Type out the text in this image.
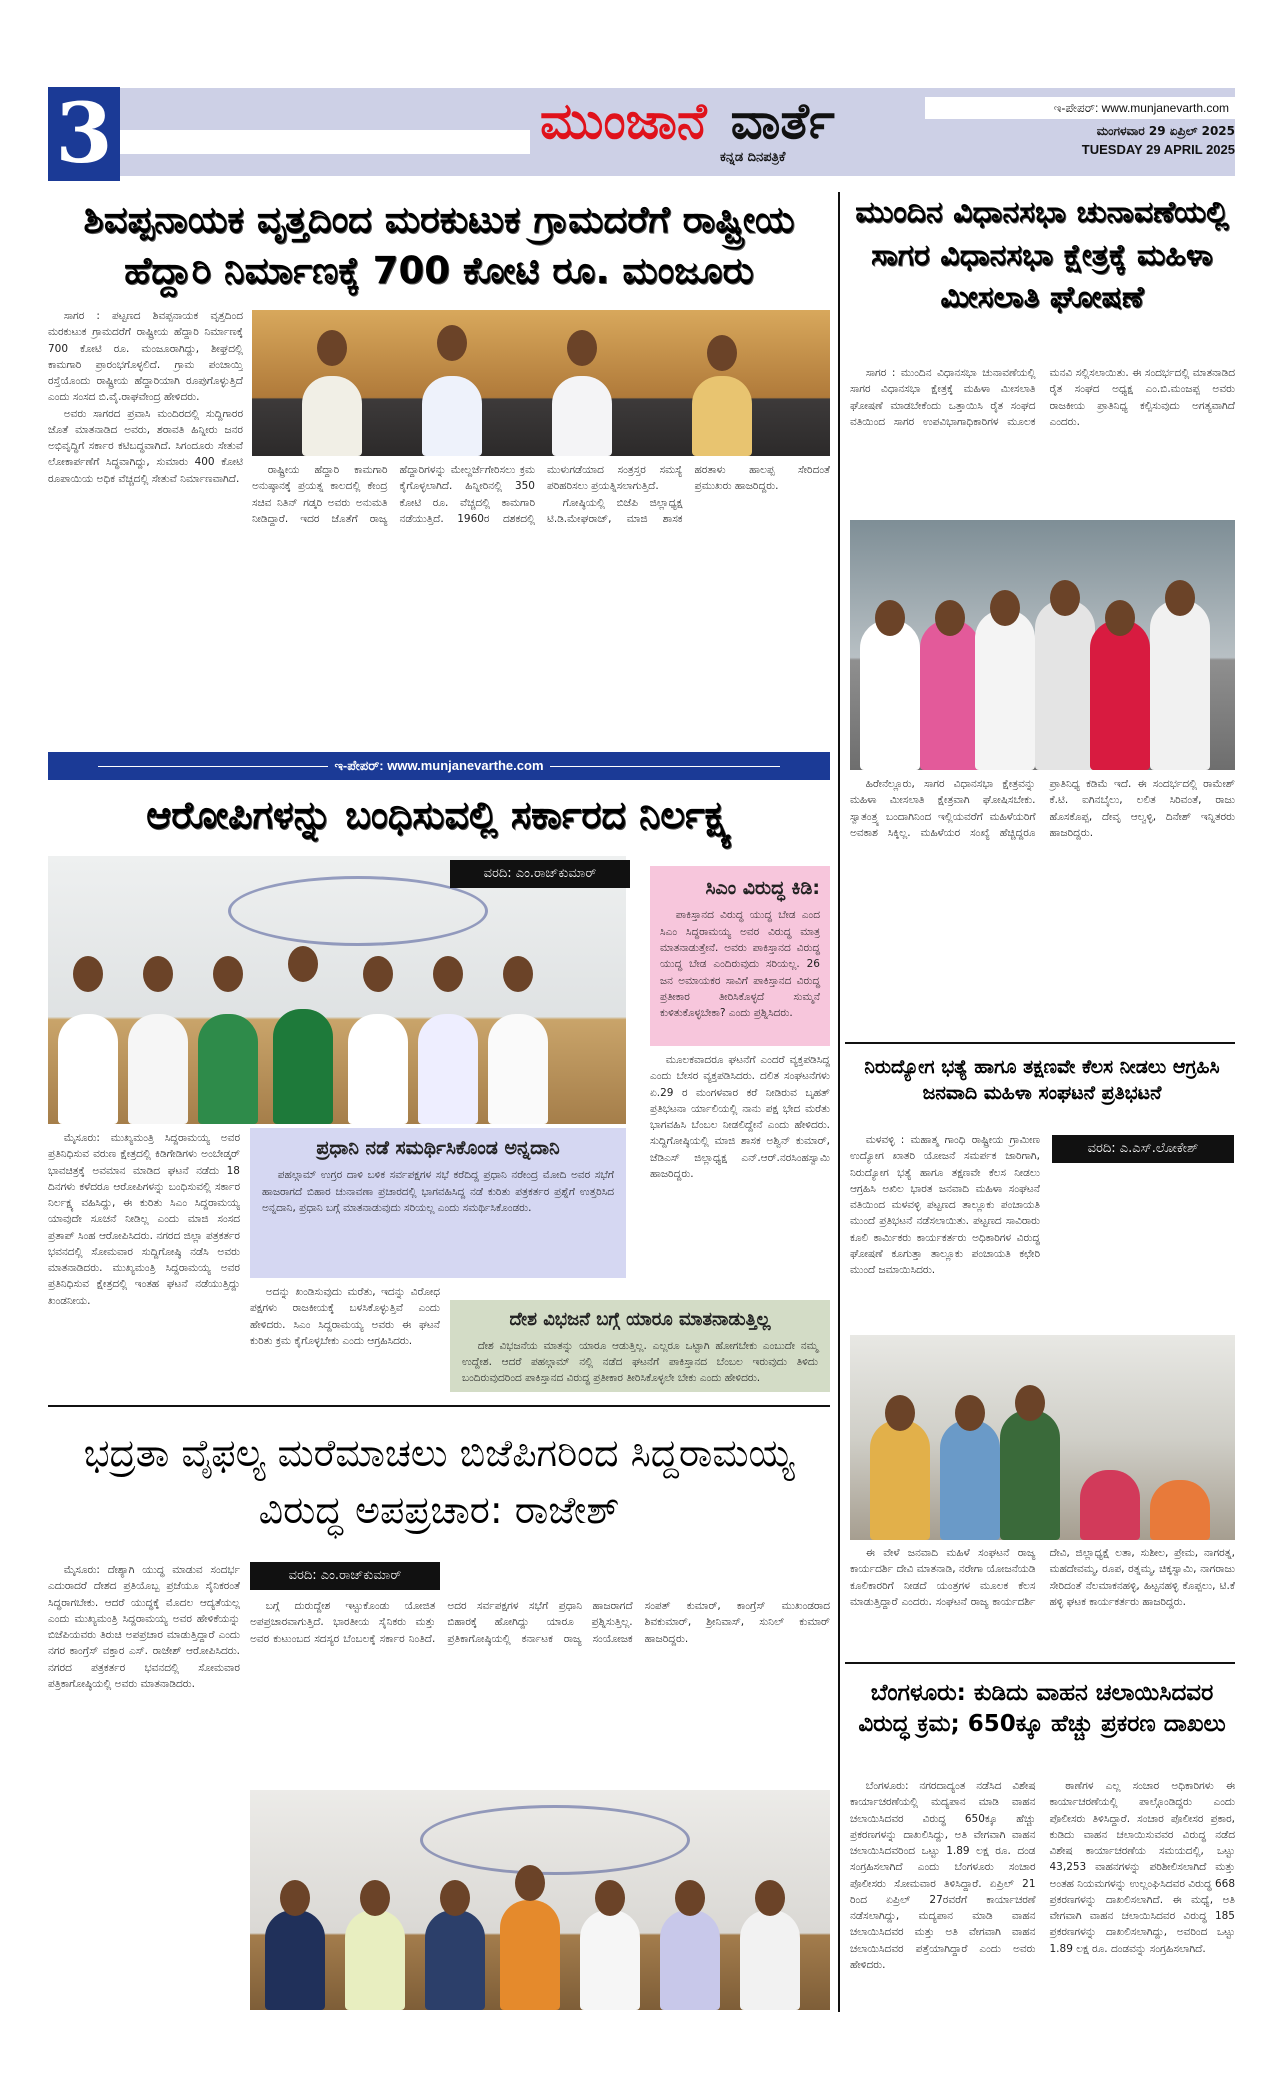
3	ಮುಂಜಾನೆ ವಾರ್ತೆ
ಕನ್ನಡ ದಿನಪತ್ರಿಕೆ
ಇ-ಪೇಪರ್: www.munjanevarth.com
ಮಂಗಳವಾರ 29 ಏಪ್ರಿಲ್ 2025
TUESDAY 29 APRIL 2025
ಶಿವಪ್ಪನಾಯಕ ವೃತ್ತದಿಂದ ಮರಕುಟುಕ ಗ್ರಾಮದರೆಗೆ ರಾಷ್ಟ್ರೀಯ ಹೆದ್ದಾರಿ ನಿರ್ಮಾಣಕ್ಕೆ 700 ಕೋಟಿ ರೂ. ಮಂಜೂರು

ಸಾಗರ : ಪಟ್ಟಣದ ಶಿವಪ್ಪನಾಯಕ ವೃತ್ತದಿಂದ ಮರಕುಟುಕ ಗ್ರಾಮದರೆಗೆ ರಾಷ್ಟ್ರೀಯ ಹೆದ್ದಾರಿ ನಿರ್ಮಾಣಕ್ಕೆ 700 ಕೋಟಿ ರೂ. ಮಂಜೂರಾಗಿದ್ದು, ಶೀಘ್ರದಲ್ಲಿ ಕಾಮಗಾರಿ ಪ್ರಾರಂಭಗೊಳ್ಳಲಿದೆ. ಗ್ರಾಮ ಪಂಚಾಯ್ತಿ ರಸ್ತೆಯೊಂದು ರಾಷ್ಟ್ರೀಯ ಹೆದ್ದಾರಿಯಾಗಿ ರೂಪುಗೊಳ್ಳುತ್ತಿದೆ ಎಂದು ಸಂಸದ ಬಿ.ವೈ.ರಾಘವೇಂದ್ರ ಹೇಳಿದರು.

ಅವರು ಸಾಗರದ ಪ್ರವಾಸಿ ಮಂದಿರದಲ್ಲಿ ಸುದ್ದಿಗಾರರ ಜೊತೆ ಮಾತನಾಡಿದ ಅವರು, ಶರಾವತಿ ಹಿನ್ನೀರು ಜನರ ಅಭಿವೃದ್ಧಿಗೆ ಸರ್ಕಾರ ಕಟಿಬದ್ಧವಾಗಿದೆ. ಸಿಗಂದೂರು ಸೇತುವೆ ಲೋಕಾರ್ಪಣೆಗೆ ಸಿದ್ಧವಾಗಿದ್ದು, ಸುಮಾರು 400 ಕೋಟಿ ರೂಪಾಯಿಯ ಅಧಿಕ ವೆಚ್ಚದಲ್ಲಿ ಸೇತುವೆ ನಿರ್ಮಾಣವಾಗಿದೆ.

ರಾಷ್ಟ್ರೀಯ ಹೆದ್ದಾರಿ ಕಾಮಗಾರಿ ಅನುಷ್ಠಾನಕ್ಕೆ ಪ್ರಯತ್ನ ಕಾಲದಲ್ಲಿ ಕೇಂದ್ರ ಸಚಿವ ನಿತಿನ್ ಗಡ್ಕರಿ ಅವರು ಅನುಮತಿ ನೀಡಿದ್ದಾರೆ. ಇದರ ಜೊತೆಗೆ ರಾಜ್ಯ ಹೆದ್ದಾರಿಗಳನ್ನು ಮೇಲ್ದರ್ಜೆಗೇರಿಸಲು ಕ್ರಮ ಕೈಗೊಳ್ಳಲಾಗಿದೆ. ಹಿನ್ನೀರಿನಲ್ಲಿ 350 ಕೋಟಿ ರೂ. ವೆಚ್ಚದಲ್ಲಿ ಕಾಮಗಾರಿ ನಡೆಯುತ್ತಿದೆ. 1960ರ ದಶಕದಲ್ಲಿ ಮುಳುಗಡೆಯಾದ ಸಂತ್ರಸ್ತರ ಸಮಸ್ಯೆ ಪರಿಹರಿಸಲು ಪ್ರಯತ್ನಿಸಲಾಗುತ್ತಿದೆ.

ಗೋಷ್ಠಿಯಲ್ಲಿ ಬಿಜೆಪಿ ಜಿಲ್ಲಾಧ್ಯಕ್ಷ ಟಿ.ಡಿ.ಮೇಘರಾಜ್, ಮಾಜಿ ಶಾಸಕ ಹರತಾಳು ಹಾಲಪ್ಪ ಸೇರಿದಂತೆ ಪ್ರಮುಖರು ಹಾಜರಿದ್ದರು.

ಇ-ಪೇಪರ್: www.munjanevarthe.com
ಆರೋಪಿಗಳನ್ನು ಬಂಧಿಸುವಲ್ಲಿ ಸರ್ಕಾರದ ನಿರ್ಲಕ್ಷ್ಯ
ವರದಿ: ಎಂ.ರಾಜ್‌ಕುಮಾರ್
ಸಿಎಂ ವಿರುದ್ಧ ಕಿಡಿ:

ಪಾಕಿಸ್ತಾನದ ವಿರುದ್ಧ ಯುದ್ಧ ಬೇಡ ಎಂದ ಸಿಎಂ ಸಿದ್ಧರಾಮಯ್ಯ ಅವರ ವಿರುದ್ಧ ಮಾತ್ರ ಮಾತನಾಡುತ್ತೇನೆ. ಅವರು ಪಾಕಿಸ್ತಾನದ ವಿರುದ್ಧ ಯುದ್ಧ ಬೇಡ ಎಂದಿರುವುದು ಸರಿಯಲ್ಲ. 26 ಜನ ಅಮಾಯಕರ ಸಾವಿಗೆ ಪಾಕಿಸ್ತಾನದ ವಿರುದ್ಧ ಪ್ರತೀಕಾರ ತೀರಿಸಿಕೊಳ್ಳದೆ ಸುಮ್ಮನೆ ಕುಳಿತುಕೊಳ್ಳಬೇಕಾ? ಎಂದು ಪ್ರಶ್ನಿಸಿದರು.

ಮೂಲಕವಾದರೂ ಘಟನೆಗೆ ಎಂದರೆ ವ್ಯಕ್ತಪಡಿಸಿದ್ದ ಎಂದು ಬೇಸರ ವ್ಯಕ್ತಪಡಿಸಿದರು. ದಲಿತ ಸಂಘಟನೆಗಳು ಏ.29 ರ ಮಂಗಳವಾರ ಕರೆ ನೀಡಿರುವ ಬೃಹತ್ ಪ್ರತಿಭಟನಾ ರ್ಯಾಲಿಯಲ್ಲಿ ನಾನು ಪಕ್ಷ ಭೇದ ಮರೆತು ಭಾಗವಹಿಸಿ ಬೆಂಬಲ ನೀಡಲಿದ್ದೇನೆ ಎಂದು ಹೇಳಿದರು. ಸುದ್ದಿಗೋಷ್ಠಿಯಲ್ಲಿ ಮಾಜಿ ಶಾಸಕ ಅಶ್ವಿನ್ ಕುಮಾರ್, ಜೆಡಿಎಸ್ ಜಿಲ್ಲಾಧ್ಯಕ್ಷ ಎನ್.ಆರ್.ನರಸಿಂಹಸ್ವಾಮಿ ಹಾಜರಿದ್ದರು.

ಮೈಸೂರು: ಮುಖ್ಯಮಂತ್ರಿ ಸಿದ್ದರಾಮಯ್ಯ ಅವರ ಪ್ರತಿನಿಧಿಸುವ ವರುಣ ಕ್ಷೇತ್ರದಲ್ಲಿ ಕಿಡಿಗೇಡಿಗಳು ಅಂಬೇಡ್ಕರ್ ಭಾವಚಿತ್ರಕ್ಕೆ ಅವಮಾನ ಮಾಡಿದ ಘಟನೆ ನಡೆದು 18 ದಿನಗಳು ಕಳೆದರೂ ಆರೋಪಿಗಳನ್ನು ಬಂಧಿಸುವಲ್ಲಿ ಸರ್ಕಾರ ನಿರ್ಲಕ್ಷ್ಯ ವಹಿಸಿದ್ದು, ಈ ಕುರಿತು ಸಿಎಂ ಸಿದ್ದರಾಮಯ್ಯ ಯಾವುದೇ ಸೂಚನೆ ನೀಡಿಲ್ಲ ಎಂದು ಮಾಜಿ ಸಂಸದ ಪ್ರತಾಪ್ ಸಿಂಹ ಆರೋಪಿಸಿದರು. ನಗರದ ಜಿಲ್ಲಾ ಪತ್ರಕರ್ತರ ಭವನದಲ್ಲಿ ಸೋಮವಾರ ಸುದ್ದಿಗೋಷ್ಠಿ ನಡೆಸಿ ಅವರು ಮಾತನಾಡಿದರು. ಮುಖ್ಯಮಂತ್ರಿ ಸಿದ್ದರಾಮಯ್ಯ ಅವರ ಪ್ರತಿನಿಧಿಸುವ ಕ್ಷೇತ್ರದಲ್ಲಿ ಇಂತಹ ಘಟನೆ ನಡೆಯುತ್ತಿದ್ದು ಖಂಡನೀಯ.

ಪ್ರಧಾನಿ ನಡೆ ಸಮರ್ಥಿಸಿಕೊಂಡ ಅನ್ನದಾನಿ

ಪಹಲ್ಗಾಮ್ ಉಗ್ರರ ದಾಳಿ ಬಳಿಕ ಸರ್ವಪಕ್ಷಗಳ ಸಭೆ ಕರೆದಿದ್ದ ಪ್ರಧಾನಿ ನರೇಂದ್ರ ಮೋದಿ ಅವರ ಸಭೆಗೆ ಹಾಜರಾಗದೆ ಬಿಹಾರ ಚುನಾವಣಾ ಪ್ರಚಾರದಲ್ಲಿ ಭಾಗವಹಿಸಿದ್ದ ನಡೆ ಕುರಿತು ಪತ್ರಕರ್ತರ ಪ್ರಶ್ನೆಗೆ ಉತ್ತರಿಸಿದ ಅನ್ನದಾನಿ, ಪ್ರಧಾನಿ ಬಗ್ಗೆ ಮಾತನಾಡುವುದು ಸರಿಯಲ್ಲ ಎಂದು ಸಮರ್ಥಿಸಿಕೊಂಡರು.

ಅದನ್ನು ಖಂಡಿಸುವುದು ಮರೆತು, ಇದನ್ನು ವಿರೋಧ ಪಕ್ಷಗಳು ರಾಜಕೀಯಕ್ಕೆ ಬಳಸಿಕೊಳ್ಳುತ್ತಿವೆ ಎಂದು ಹೇಳಿದರು. ಸಿಎಂ ಸಿದ್ದರಾಮಯ್ಯ ಅವರು ಈ ಘಟನೆ ಕುರಿತು ಕ್ರಮ ಕೈಗೊಳ್ಳಬೇಕು ಎಂದು ಆಗ್ರಹಿಸಿದರು.

ದೇಶ ವಿಭಜನೆ ಬಗ್ಗೆ ಯಾರೂ ಮಾತನಾಡುತ್ತಿಲ್ಲ

ದೇಶ ವಿಭಜನೆಯ ಮಾತನ್ನು ಯಾರೂ ಆಡುತ್ತಿಲ್ಲ. ಎಲ್ಲರೂ ಒಟ್ಟಾಗಿ ಹೋಗಬೇಕು ಎಂಬುದೇ ನಮ್ಮ ಉದ್ದೇಶ. ಆದರೆ ಪಹಲ್ಗಾಮ್ ನಲ್ಲಿ ನಡೆದ ಘಟನೆಗೆ ಪಾಕಿಸ್ತಾನದ ಬೆಂಬಲ ಇರುವುದು ತಿಳಿದು ಬಂದಿರುವುದರಿಂದ ಪಾಕಿಸ್ತಾನದ ವಿರುದ್ಧ ಪ್ರತೀಕಾರ ತೀರಿಸಿಕೊಳ್ಳಲೇ ಬೇಕು ಎಂದು ಹೇಳಿದರು.

ಭದ್ರತಾ ವೈಫಲ್ಯ ಮರೆಮಾಚಲು ಬಿಜೆಪಿಗರಿಂದ ಸಿದ್ದರಾಮಯ್ಯ ವಿರುದ್ಧ ಅಪಪ್ರಚಾರ: ರಾಜೇಶ್

ಮೈಸೂರು: ದೇಶ್ಯಾಗಿ ಯುದ್ಧ ಮಾಡುವ ಸಂದರ್ಭ ಎದುರಾದರೆ ದೇಶದ ಪ್ರತಿಯೊಬ್ಬ ಪ್ರಜೆಯೂ ಸೈನಿಕರಂತೆ ಸಿದ್ಧರಾಗಬೇಕು. ಆದರೆ ಯುದ್ಧಕ್ಕೆ ಮೊದಲ ಆದ್ಯತೆಯಲ್ಲ ಎಂದು ಮುಖ್ಯಮಂತ್ರಿ ಸಿದ್ದರಾಮಯ್ಯ ಅವರ ಹೇಳಿಕೆಯನ್ನು ಬಿಜೆಪಿಯವರು ತಿರುಚಿ ಅಪಪ್ರಚಾರ ಮಾಡುತ್ತಿದ್ದಾರೆ ಎಂದು ನಗರ ಕಾಂಗ್ರೆಸ್ ವಕ್ತಾರ ಎಸ್. ರಾಜೇಶ್ ಆರೋಪಿಸಿದರು. ನಗರದ ಪತ್ರಕರ್ತರ ಭವನದಲ್ಲಿ ಸೋಮವಾರ ಪತ್ರಿಕಾಗೋಷ್ಠಿಯಲ್ಲಿ ಅವರು ಮಾತನಾಡಿದರು.

ವರದಿ: ಎಂ.ರಾಜ್‌ಕುಮಾರ್

ಬಗ್ಗೆ ದುರುದ್ದೇಶ ಇಟ್ಟುಕೊಂಡು ಯೋಜಿತ ಅಪಪ್ರಚಾರವಾಗುತ್ತಿದೆ. ಭಾರತೀಯ ಸೈನಿಕರು ಮತ್ತು ಅವರ ಕುಟುಂಬದ ಸದಸ್ಯರ ಬೆಂಬಲಕ್ಕೆ ಸರ್ಕಾರ ನಿಂತಿದೆ. ಅದರ ಸರ್ವಪಕ್ಷಗಳ ಸಭೆಗೆ ಪ್ರಧಾನಿ ಹಾಜರಾಗದೆ ಬಿಹಾರಕ್ಕೆ ಹೋಗಿದ್ದು ಯಾರೂ ಪ್ರಶ್ನಿಸುತ್ತಿಲ್ಲ. ಪ್ರತಿಕಾಗೋಷ್ಠಿಯಲ್ಲಿ ಕರ್ನಾಟಕ ರಾಜ್ಯ ಸಂಯೋಜಕ ಸಂಪತ್ ಕುಮಾರ್, ಕಾಂಗ್ರೆಸ್ ಮುಖಂಡರಾದ ಶಿವಕುಮಾರ್, ಶ್ರೀನಿವಾಸ್, ಸುನಿಲ್ ಕುಮಾರ್ ಹಾಜರಿದ್ದರು.

ಮುಂದಿನ ವಿಧಾನಸಭಾ ಚುನಾವಣೆಯಲ್ಲಿ ಸಾಗರ ವಿಧಾನಸಭಾ ಕ್ಷೇತ್ರಕ್ಕೆ ಮಹಿಳಾ ಮೀಸಲಾತಿ ಘೋಷಣೆ

ಸಾಗರ : ಮುಂದಿನ ವಿಧಾನಸಭಾ ಚುನಾವಣೆಯಲ್ಲಿ ಸಾಗರ ವಿಧಾನಸಭಾ ಕ್ಷೇತ್ರಕ್ಕೆ ಮಹಿಳಾ ಮೀಸಲಾತಿ ಘೋಷಣೆ ಮಾಡಬೇಕೆಂದು ಒತ್ತಾಯಿಸಿ ರೈತ ಸಂಘದ ವತಿಯಿಂದ ಸಾಗರ ಉಪವಿಭಾಗಾಧಿಕಾರಿಗಳ ಮೂಲಕ ಮನವಿ ಸಲ್ಲಿಸಲಾಯಿತು. ಈ ಸಂದರ್ಭದಲ್ಲಿ ಮಾತನಾಡಿದ ರೈತ ಸಂಘದ ಅಧ್ಯಕ್ಷ ಎಂ.ಬಿ.ಮಂಜಪ್ಪ ಅವರು ರಾಜಕೀಯ ಪ್ರಾತಿನಿಧ್ಯ ಕಲ್ಪಿಸುವುದು ಅಗತ್ಯವಾಗಿದೆ ಎಂದರು.

ಹಿರೇನೆಲ್ಲೂರು, ಸಾಗರ ವಿಧಾನಸಭಾ ಕ್ಷೇತ್ರವನ್ನು ಮಹಿಳಾ ಮೀಸಲಾತಿ ಕ್ಷೇತ್ರವಾಗಿ ಘೋಷಿಸಬೇಕು. ಸ್ವಾತಂತ್ರ್ಯ ಬಂದಾಗಿನಿಂದ ಇಲ್ಲಿಯವರೆಗೆ ಮಹಿಳೆಯರಿಗೆ ಅವಕಾಶ ಸಿಕ್ಕಿಲ್ಲ. ಮಹಿಳೆಯರ ಸಂಖ್ಯೆ ಹೆಚ್ಚಿದ್ದರೂ ಪ್ರಾತಿನಿಧ್ಯ ಕಡಿಮೆ ಇದೆ. ಈ ಸಂದರ್ಭದಲ್ಲಿ ರಾಮೇಶ್ ಕೆ.ಟಿ. ಐಗಿನಬೈಲು, ಲಲಿತ ಸಿರಿವಂತೆ, ರಾಜು ಹೊಸಕೊಪ್ಪ, ದೇವೃ ಆಲ್ವಳ್ಳಿ, ದಿನೇಶ್ ಇನ್ನಿತರರು ಹಾಜರಿದ್ದರು.

ನಿರುದ್ಯೋಗ ಭತ್ಯೆ ಹಾಗೂ ತಕ್ಷಣವೇ ಕೆಲಸ ನೀಡಲು ಆಗ್ರಹಿಸಿ ಜನವಾದಿ ಮಹಿಳಾ ಸಂಘಟನೆ ಪ್ರತಿಭಟನೆ
ವರದಿ: ಎ.ಎಸ್.ಲೋಕೇಶ್

ಮಳವಳ್ಳಿ : ಮಹಾತ್ಮ ಗಾಂಧಿ ರಾಷ್ಟ್ರೀಯ ಗ್ರಾಮೀಣ ಉದ್ಯೋಗ ಖಾತರಿ ಯೋಜನೆ ಸಮರ್ಪಕ ಜಾರಿಗಾಗಿ, ನಿರುದ್ಯೋಗ ಭತ್ಯೆ ಹಾಗೂ ತಕ್ಷಣವೇ ಕೆಲಸ ನೀಡಲು ಆಗ್ರಹಿಸಿ ಅಖಿಲ ಭಾರತ ಜನವಾದಿ ಮಹಿಳಾ ಸಂಘಟನೆ ವತಿಯಿಂದ ಮಳವಳ್ಳಿ ಪಟ್ಟಣದ ತಾಲ್ಲೂಕು ಪಂಚಾಯತಿ ಮುಂದೆ ಪ್ರತಿಭಟನೆ ನಡೆಸಲಾಯಿತು. ಪಟ್ಟಣದ ಸಾವಿರಾರು ಕೂಲಿ ಕಾರ್ಮಿಕರು ಕಾರ್ಯಕರ್ತರು ಅಧಿಕಾರಿಗಳ ವಿರುದ್ಧ ಘೋಷಣೆ ಕೂಗುತ್ತಾ ತಾಲ್ಲೂಕು ಪಂಚಾಯತಿ ಕಛೇರಿ ಮುಂದೆ ಜಮಾಯಿಸಿದರು.

ಈ ವೇಳೆ ಜನವಾದಿ ಮಹಿಳೆ ಸಂಘಟನೆ ರಾಜ್ಯ ಕಾರ್ಯದರ್ಶಿ ದೇವಿ ಮಾತನಾಡಿ, ನರೇಗಾ ಯೋಜನೆಯಡಿ ಕೂಲಿಕಾರರಿಗೆ ನೀಡದೆ ಯಂತ್ರಗಳ ಮೂಲಕ ಕೆಲಸ ಮಾಡುತ್ತಿದ್ದಾರೆ ಎಂದರು. ಸಂಘಟನೆ ರಾಜ್ಯ ಕಾರ್ಯದರ್ಶಿ ದೇವಿ, ಜಿಲ್ಲಾಧ್ಯಕ್ಷೆ ಲತಾ, ಸುಶೀಲ, ಪ್ರೇಮ, ನಾಗರತ್ನ, ಮಹದೇವಮ್ಮ, ರೂಪ, ರತ್ನಮ್ಮ, ಚಿಕ್ಕಸ್ವಾಮಿ, ನಾಗರಾಜು ಸೇರಿದಂತೆ ನೆಲಮಾಕನಹಳ್ಳಿ, ಹಿಟ್ಟನಹಳ್ಳಿ ಕೊಪ್ಪಲು, ಟಿ.ಕೆ ಹಳ್ಳಿ ಘಟಕ ಕಾರ್ಯಕರ್ತರು ಹಾಜರಿದ್ದರು.

ಬೆಂಗಳೂರು: ಕುಡಿದು ವಾಹನ ಚಲಾಯಿಸಿದವರ ವಿರುದ್ಧ ಕ್ರಮ; 650ಕ್ಕೂ ಹೆಚ್ಚು ಪ್ರಕರಣ ದಾಖಲು

ಬೆಂಗಳೂರು: ನಗರದಾದ್ಯಂತ ನಡೆಸಿದ ವಿಶೇಷ ಕಾರ್ಯಾಚರಣೆಯಲ್ಲಿ ಮದ್ಯಪಾನ ಮಾಡಿ ವಾಹನ ಚಲಾಯಿಸಿದವರ ವಿರುದ್ಧ 650ಕ್ಕೂ ಹೆಚ್ಚು ಪ್ರಕರಣಗಳನ್ನು ದಾಖಲಿಸಿದ್ದು, ಅತಿ ವೇಗವಾಗಿ ವಾಹನ ಚಲಾಯಿಸಿದವರಿಂದ ಒಟ್ಟು 1.89 ಲಕ್ಷ ರೂ. ದಂಡ ಸಂಗ್ರಹಿಸಲಾಗಿದೆ ಎಂದು ಬೆಂಗಳೂರು ಸಂಚಾರ ಪೊಲೀಸರು ಸೋಮವಾರ ತಿಳಿಸಿದ್ದಾರೆ. ಏಪ್ರಿಲ್ 21 ರಿಂದ ಏಪ್ರಿಲ್ 27ರವರೆಗೆ ಕಾರ್ಯಾಚರಣೆ ನಡೆಸಲಾಗಿದ್ದು, ಮದ್ಯಪಾನ ಮಾಡಿ ವಾಹನ ಚಲಾಯಿಸಿದವರ ಮತ್ತು ಅತಿ ವೇಗವಾಗಿ ವಾಹನ ಚಲಾಯಿಸಿದವರ ಪತ್ತೆಯಾಗಿದ್ದಾರೆ ಎಂದು ಅವರು ಹೇಳಿದರು.

ಠಾಣೆಗಳ ಎಲ್ಲ ಸಂಚಾರ ಅಧಿಕಾರಿಗಳು ಈ ಕಾರ್ಯಾಚರಣೆಯಲ್ಲಿ ಪಾಲ್ಗೊಂಡಿದ್ದರು ಎಂದು ಪೊಲೀಸರು ತಿಳಿಸಿದ್ದಾರೆ. ಸಂಚಾರ ಪೊಲೀಸರ ಪ್ರಕಾರ, ಕುಡಿದು ವಾಹನ ಚಲಾಯಿಸುವವರ ವಿರುದ್ಧ ನಡೆದ ವಿಶೇಷ ಕಾರ್ಯಾಚರಣೆಯ ಸಮಯದಲ್ಲಿ, ಒಟ್ಟು 43,253 ವಾಹನಗಳನ್ನು ಪರಿಶೀಲಿಸಲಾಗಿದೆ ಮತ್ತು ಅಂತಹ ನಿಯಮಗಳನ್ನು ಉಲ್ಲಂಘಿಸಿದವರ ವಿರುದ್ಧ 668 ಪ್ರಕರಣಗಳನ್ನು ದಾಖಲಿಸಲಾಗಿದೆ. ಈ ಮಧ್ಯೆ, ಅತಿ ವೇಗವಾಗಿ ವಾಹನ ಚಲಾಯಿಸಿದವರ ವಿರುದ್ಧ 185 ಪ್ರಕರಣಗಳನ್ನು ದಾಖಲಿಸಲಾಗಿದ್ದು, ಅವರಿಂದ ಒಟ್ಟು 1.89 ಲಕ್ಷ ರೂ. ದಂಡವನ್ನು ಸಂಗ್ರಹಿಸಲಾಗಿದೆ.
